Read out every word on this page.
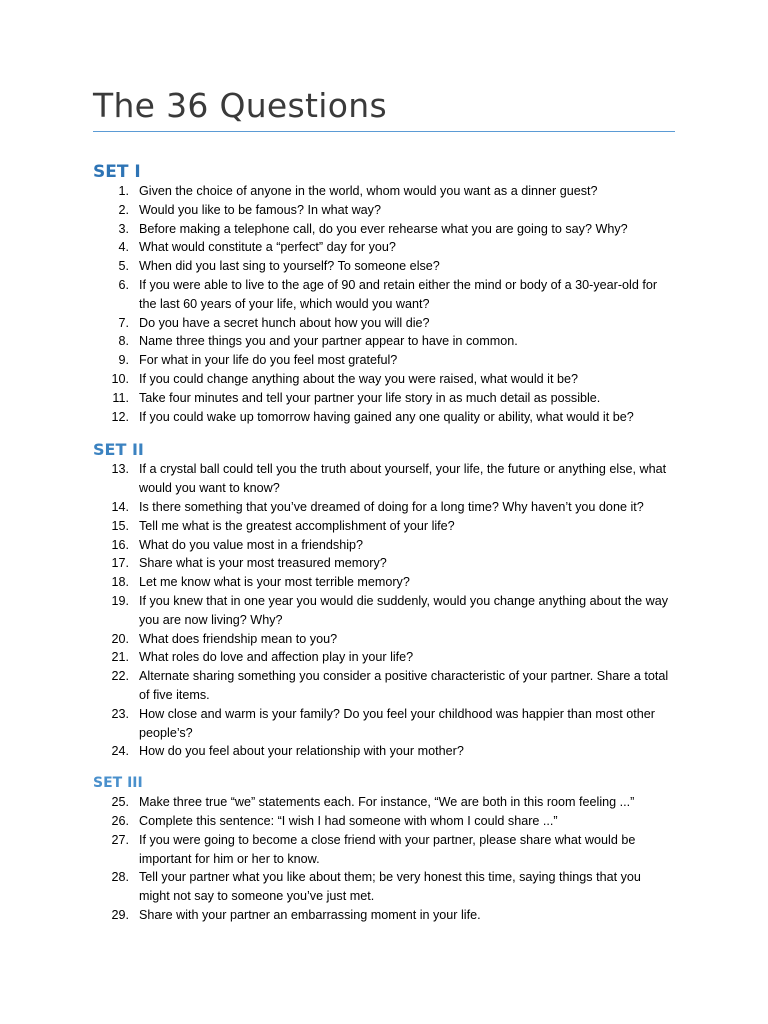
The 36 Questions
SET I
1. Given the choice of anyone in the world, whom would you want as a dinner guest?
2. Would you like to be famous? In what way?
3. Before making a telephone call, do you ever rehearse what you are going to say? Why?
4. What would constitute a “perfect” day for you?
5. When did you last sing to yourself? To someone else?
6. If you were able to live to the age of 90 and retain either the mind or body of a 30-year-old for the last 60 years of your life, which would you want?
7. Do you have a secret hunch about how you will die?
8. Name three things you and your partner appear to have in common.
9. For what in your life do you feel most grateful?
10. If you could change anything about the way you were raised, what would it be?
11. Take four minutes and tell your partner your life story in as much detail as possible.
12. If you could wake up tomorrow having gained any one quality or ability, what would it be?
SET II
13. If a crystal ball could tell you the truth about yourself, your life, the future or anything else, what would you want to know?
14. Is there something that you’ve dreamed of doing for a long time? Why haven’t you done it?
15. Tell me what is the greatest accomplishment of your life?
16. What do you value most in a friendship?
17. Share what is your most treasured memory?
18. Let me know what is your most terrible memory?
19. If you knew that in one year you would die suddenly, would you change anything about the way you are now living? Why?
20. What does friendship mean to you?
21. What roles do love and affection play in your life?
22. Alternate sharing something you consider a positive characteristic of your partner. Share a total of five items.
23. How close and warm is your family? Do you feel your childhood was happier than most other people’s?
24. How do you feel about your relationship with your mother?
SET III
25. Make three true “we” statements each. For instance, “We are both in this room feeling ...”
26. Complete this sentence: “I wish I had someone with whom I could share ...”
27. If you were going to become a close friend with your partner, please share what would be important for him or her to know.
28. Tell your partner what you like about them; be very honest this time, saying things that you might not say to someone you’ve just met.
29. Share with your partner an embarrassing moment in your life.
